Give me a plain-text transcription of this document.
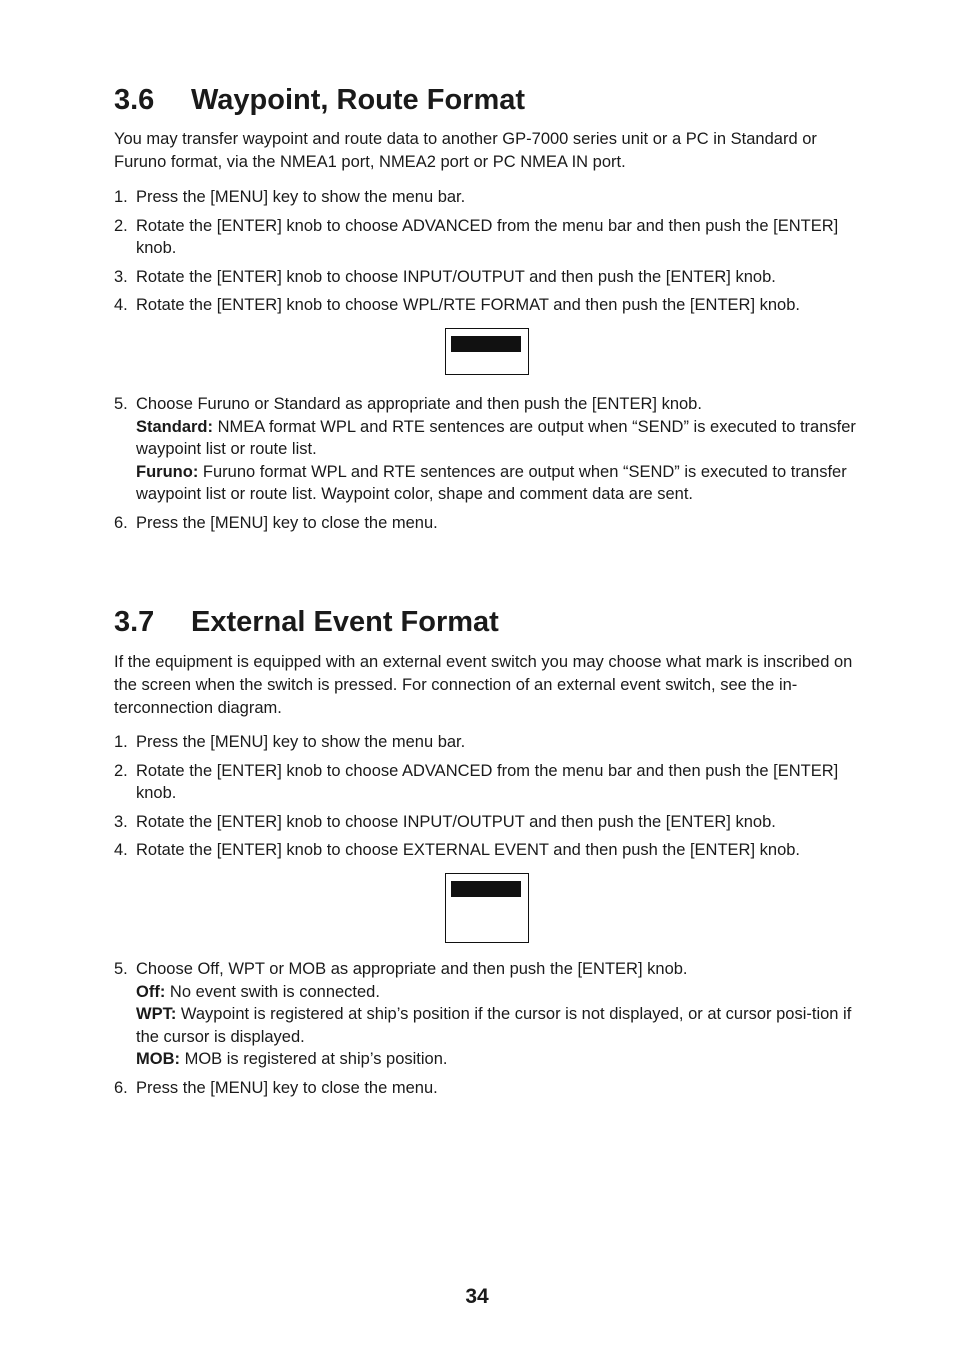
3.6 Waypoint, Route Format

You may transfer waypoint and route data to another GP-7000 series unit or a PC in Standard or Furuno format, via the NMEA1 port, NMEA2 port or PC NMEA IN port.

1. Press the [MENU] key to show the menu bar.
2. Rotate the [ENTER] knob to choose ADVANCED from the menu bar and then push the [ENTER] knob.
3. Rotate the [ENTER] knob to choose INPUT/OUTPUT and then push the [ENTER] knob.
4. Rotate the [ENTER] knob to choose WPL/RTE FORMAT and then push the [ENTER] knob.
5. Choose Furuno or Standard as appropriate and then push the [ENTER] knob.
Standard: NMEA format WPL and RTE sentences are output when “SEND” is executed to transfer waypoint list or route list.
Furuno: Furuno format WPL and RTE sentences are output when “SEND” is executed to transfer waypoint list or route list. Waypoint color, shape and comment data are sent.
6. Press the [MENU] key to close the menu.
3.7 External Event Format

If the equipment is equipped with an external event switch you may choose what mark is inscribed on the screen when the switch is pressed. For connection of an external event switch, see the in-terconnection diagram.

1. Press the [MENU] key to show the menu bar.
2. Rotate the [ENTER] knob to choose ADVANCED from the menu bar and then push the [ENTER] knob.
3. Rotate the [ENTER] knob to choose INPUT/OUTPUT and then push the [ENTER] knob.
4. Rotate the [ENTER] knob to choose EXTERNAL EVENT and then push the [ENTER] knob.
5. Choose Off, WPT or MOB as appropriate and then push the [ENTER] knob.
Off: No event swith is connected.
WPT: Waypoint is registered at ship’s position if the cursor is not displayed, or at cursor posi-tion if the cursor is displayed.
MOB: MOB is registered at ship’s position.
6. Press the [MENU] key to close the menu.
34
